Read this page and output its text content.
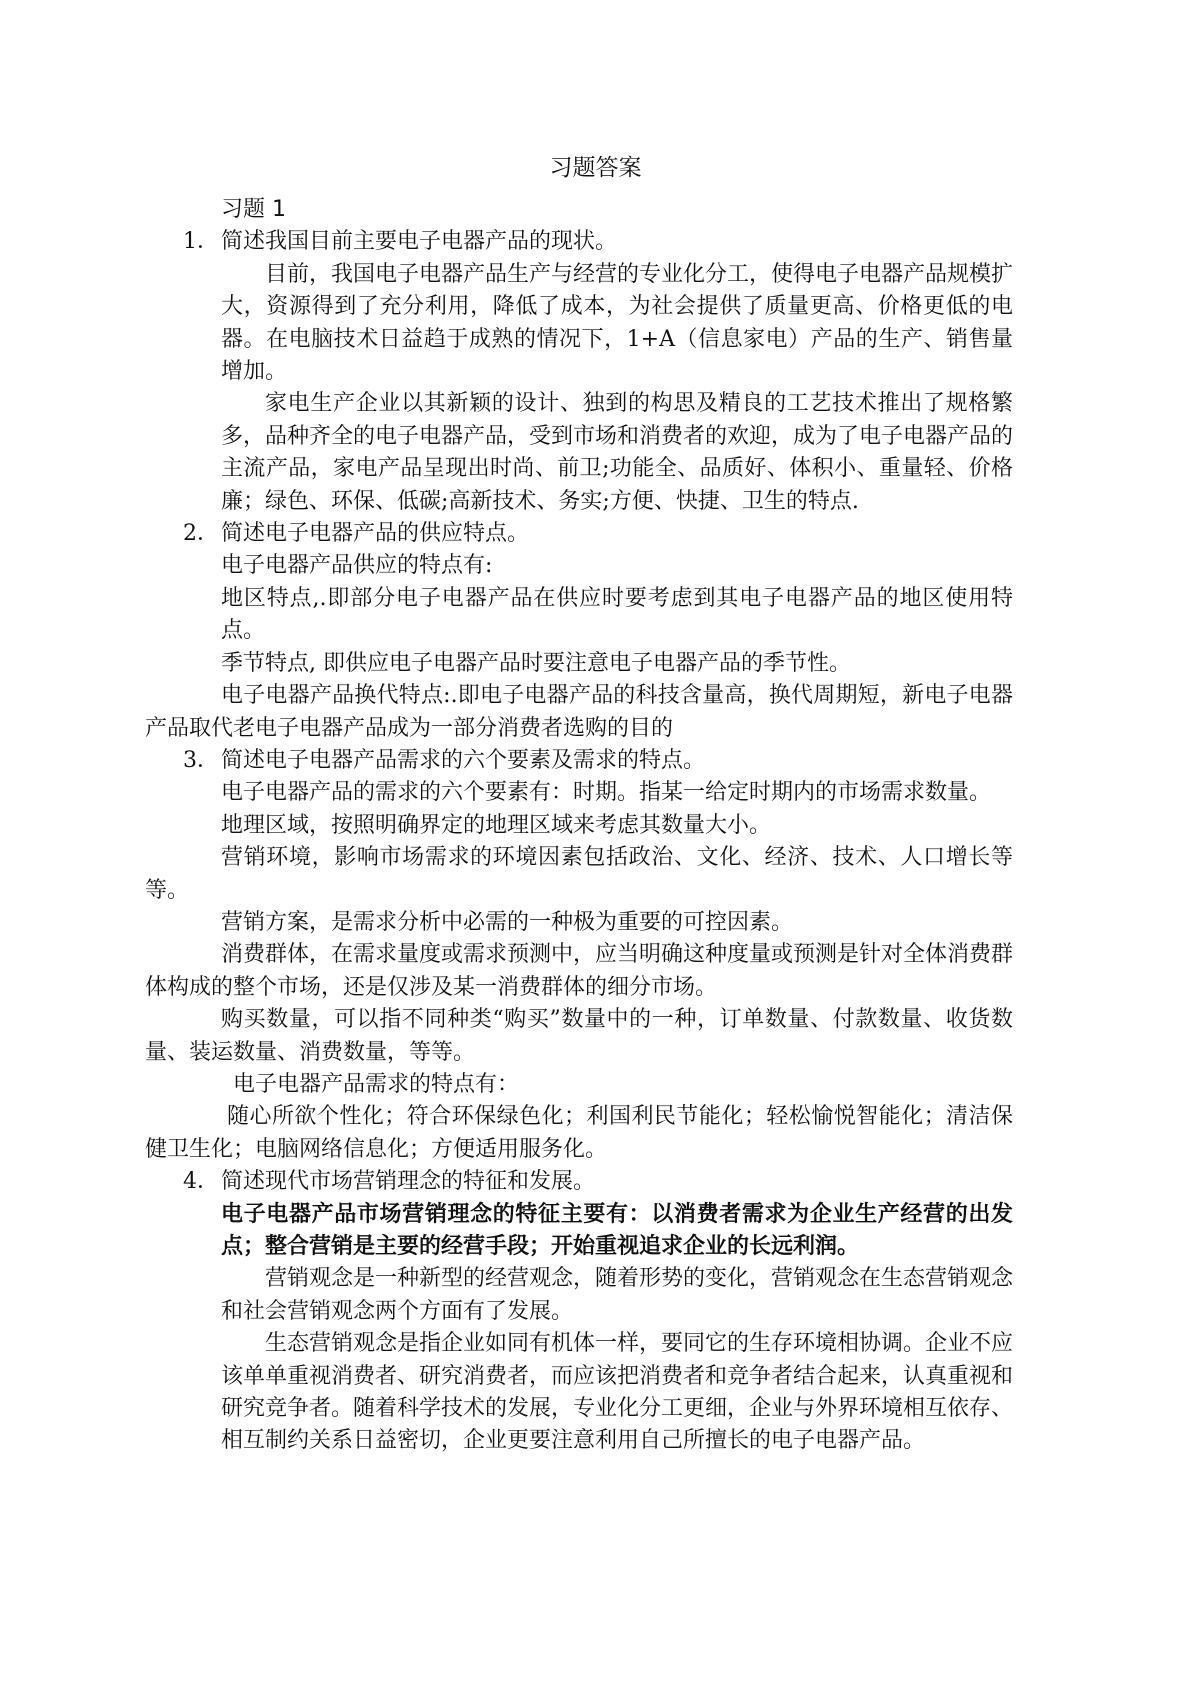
习题答案

习题 1

1．简述我国目前主要电子电器产品的现状。

目前，我国电子电器产品生产与经营的专业化分工，使得电子电器产品规模扩大，资源得到了充分利用，降低了成本，为社会提供了质量更高、价格更低的电器。在电脑技术日益趋于成熟的情况下，1+A（信息家电）产品的生产、销售量增加。

家电生产企业以其新颖的设计、独到的构思及精良的工艺技术推出了规格繁多，品种齐全的电子电器产品，受到市场和消费者的欢迎，成为了电子电器产品的主流产品，家电产品呈现出时尚、前卫;功能全、品质好、体积小、重量轻、价格廉；绿色、环保、低碳;高新技术、务实;方便、快捷、卫生的特点.

2．简述电子电器产品的供应特点。

电子电器产品供应的特点有:

地区特点,.即部分电子电器产品在供应时要考虑到其电子电器产品的地区使用特点。

季节特点, 即供应电子电器产品时要注意电子电器产品的季节性。

电子电器产品换代特点:.即电子电器产品的科技含量高，换代周期短，新电子电器产品取代老电子电器产品成为一部分消费者选购的目的

3．简述电子电器产品需求的六个要素及需求的特点。

电子电器产品的需求的六个要素有：时期。指某一给定时期内的市场需求数量。

地理区域，按照明确界定的地理区域来考虑其数量大小。

营销环境，影响市场需求的环境因素包括政治、文化、经济、技术、人口增长等等。

营销方案，是需求分析中必需的一种极为重要的可控因素。

消费群体，在需求量度或需求预测中，应当明确这种度量或预测是针对全体消费群体构成的整个市场，还是仅涉及某一消费群体的细分市场。

购买数量，可以指不同种类“购买”数量中的一种，订单数量、付款数量、收货数量、装运数量、消费数量，等等。

电子电器产品需求的特点有：

随心所欲个性化；符合环保绿色化；利国利民节能化；轻松愉悦智能化；清洁保健卫生化；电脑网络信息化；方便适用服务化。

4．简述现代市场营销理念的特征和发展。

电子电器产品市场营销理念的特征主要有：以消费者需求为企业生产经营的出发点；整合营销是主要的经营手段；开始重视追求企业的长远利润。

营销观念是一种新型的经营观念，随着形势的变化，营销观念在生态营销观念和社会营销观念两个方面有了发展。

生态营销观念是指企业如同有机体一样，要同它的生存环境相协调。企业不应该单单重视消费者、研究消费者，而应该把消费者和竞争者结合起来，认真重视和研究竞争者。随着科学技术的发展，专业化分工更细，企业与外界环境相互依存、相互制约关系日益密切，企业更要注意利用自己所擅长的电子电器产品。
